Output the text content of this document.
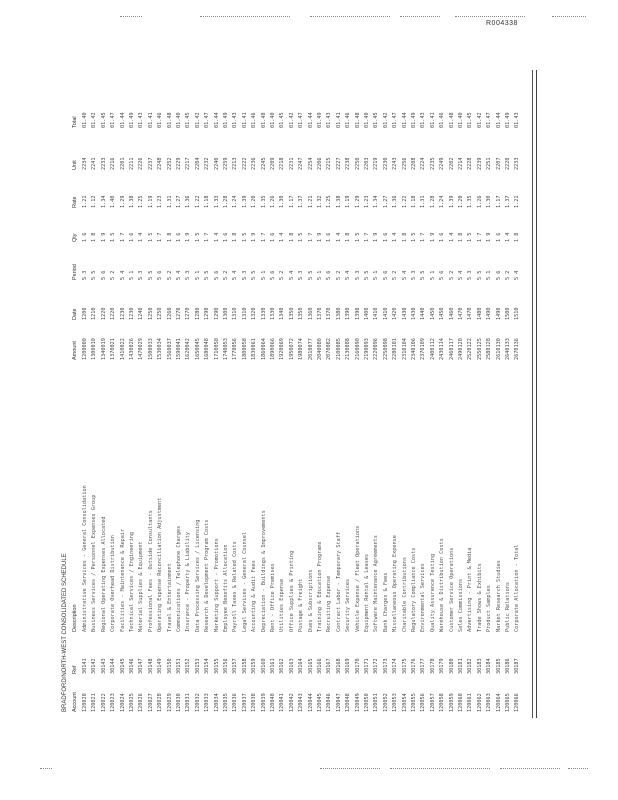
R004338
BRADFORD/NORTH-WEST CONSOLIDATED SCHEDULE Account
Ref
Description
Amount
Date
Period
Qty
Rate
Unit
Total
120020
30141
Administrative Services - General Consolidation
1200000
1200
5 3
1 6
1.21
2234
01.40
120021
30142
Business Services / Personnel Expenses Group
1300010
1210
5 5
1 8
1.12
2241
01.42
120022
30143
Regional Operating Expenses Allocated
1340019
1220
5 6
1 9
1.34
2233
01.45
120023
30144
Corporate Overhead Distribution
1370021
1220
5 2
1 5
1.40
2216
01.47
120024
30145
Facilities - Maintenance & Repair
1410022
1230
5 4
1 7
1.29
2201
01.44
120025
30146
Technical Services / Engineering
1430026
1230
5 1
1 6
1.38
2211
01.49
120026
30147
Material Supplies & Equipment
1470029
1240
5 3
1 4
1.25
2226
01.43
120027
30148
Professional Fees - Outside Consultants
1500033
1250
5 5
1 5
1.19
2237
01.41
120028
30149
Operating Expense Reconciliation Adjustment
1530034
1250
5 6
1 7
1.23
2248
01.46
120029
30150
Travel & Entertainment
1560037
1260
5 2
1 8
1.31
2252
01.48
120030
30151
Communications / Telephone Charges
1590041
1270
5 4
1 6
1.27
2229
01.40
120031
30152
Insurance - Property & Liability
1620042
1270
5 3
1 9
1.36
2217
01.45
120032
30153
Data Processing Services / Licensing
1650045
1280
5 1
1 5
1.22
2204
01.42
120033
30154
Research & Development Program Costs
1680048
1290
5 5
1 7
1.18
2232
01.47
120034
30155
Marketing Support - Promotions
1710050
1290
5 6
1 4
1.33
2240
01.44
120035
30156
Employee Benefits Allocation
1740053
1300
5 2
1 6
1.28
2259
01.49
120036
30157
Payroll Taxes & Related Costs
1770056
1310
5 4
1 8
1.24
2213
01.43
120037
30158
Legal Services - General Counsel
1800058
1310
5 3
1 5
1.39
2222
01.41
120038
30159
Accounting & Audit Fees
1830061
1320
5 5
1 9
1.20
2236
01.46
120039
30160
Depreciation - Buildings & Improvements
1860064
1330
5 1
1 7
1.35
2245
01.48
120040
30161
Rent - Office Premises
1890066
1330
5 6
1 6
1.26
2209
01.40
120041
30162
Utilities Expense
1920069
1340
5 2
1 4
1.30
2218
01.45
120042
30163
Office Supplies & Printing
1950072
1350
5 4
1 8
1.17
2231
01.42
120043
30164
Postage & Freight
1980074
1350
5 3
1 5
1.37
2247
01.47
120044
30165
Dues & Subscriptions
2010077
1360
5 5
1 7
1.21
2254
01.44
120045
30166
Training & Education Programs
2040080
1370
5 1
1 9
1.32
2206
01.49
120046
30167
Recruiting Expense
2070082
1370
5 6
1 6
1.25
2215
01.43
120047
30168
Contract Labor - Temporary Staff
2100085
1380
5 2
1 4
1.38
2227
01.41
120048
30169
Security Services
2130088
1390
5 4
1 8
1.19
2238
01.46
120049
30170
Vehicle Expense / Fleet Operations
2160090
1390
5 3
1 5
1.29
2250
01.48
120050
30171
Equipment Rental & Leases
2190093
1400
5 5
1 7
1.23
2203
01.40
120051
30172
Software Maintenance Agreements
2220096
1410
5 1
1 9
1.34
2219
01.45
120052
30173
Bank Charges & Fees
2250098
1410
5 6
1 6
1.27
2230
01.42
120053
30174
Miscellaneous Operating Expense
2280101
1420
5 2
1 4
1.36
2243
01.47
120054
30175
Charitable Contributions
2310104
1430
5 4
1 8
1.22
2256
01.44
120055
30176
Regulatory Compliance Costs
2340106
1430
5 3
1 5
1.18
2208
01.49
120056
30177
Environmental Services
2370109
1440
5 5
1 7
1.31
2224
01.43
120057
30178
Quality Assurance Testing
2400112
1450
5 1
1 9
1.28
2235
01.41
120058
30179
Warehouse & Distribution Costs
2430114
1450
5 6
1 6
1.24
2249
01.46
120059
30180
Customer Service Operations
2460117
1460
5 2
1 4
1.39
2202
01.48
120060
30181
Sales Commissions
2490120
1470
5 4
1 8
1.20
2214
01.40
120061
30182
Advertising - Print & Media
2520122
1470
5 3
1 5
1.35
2228
01.45
120062
30183
Trade Shows & Exhibits
2550125
1480
5 5
1 7
1.26
2239
01.42
120063
30184
Product Samples
2580128
1490
5 1
1 9
1.30
2251
01.47
120064
30185
Market Research Studies
2610130
1490
5 6
1 6
1.17
2207
01.44
120065
30186
Public Relations
2640133
1500
5 2
1 4
1.37
2220
01.49
120066
30187
Corporate Allocation - Total
2670136
1510
5 4
1 8
1.21
2233
01.43
